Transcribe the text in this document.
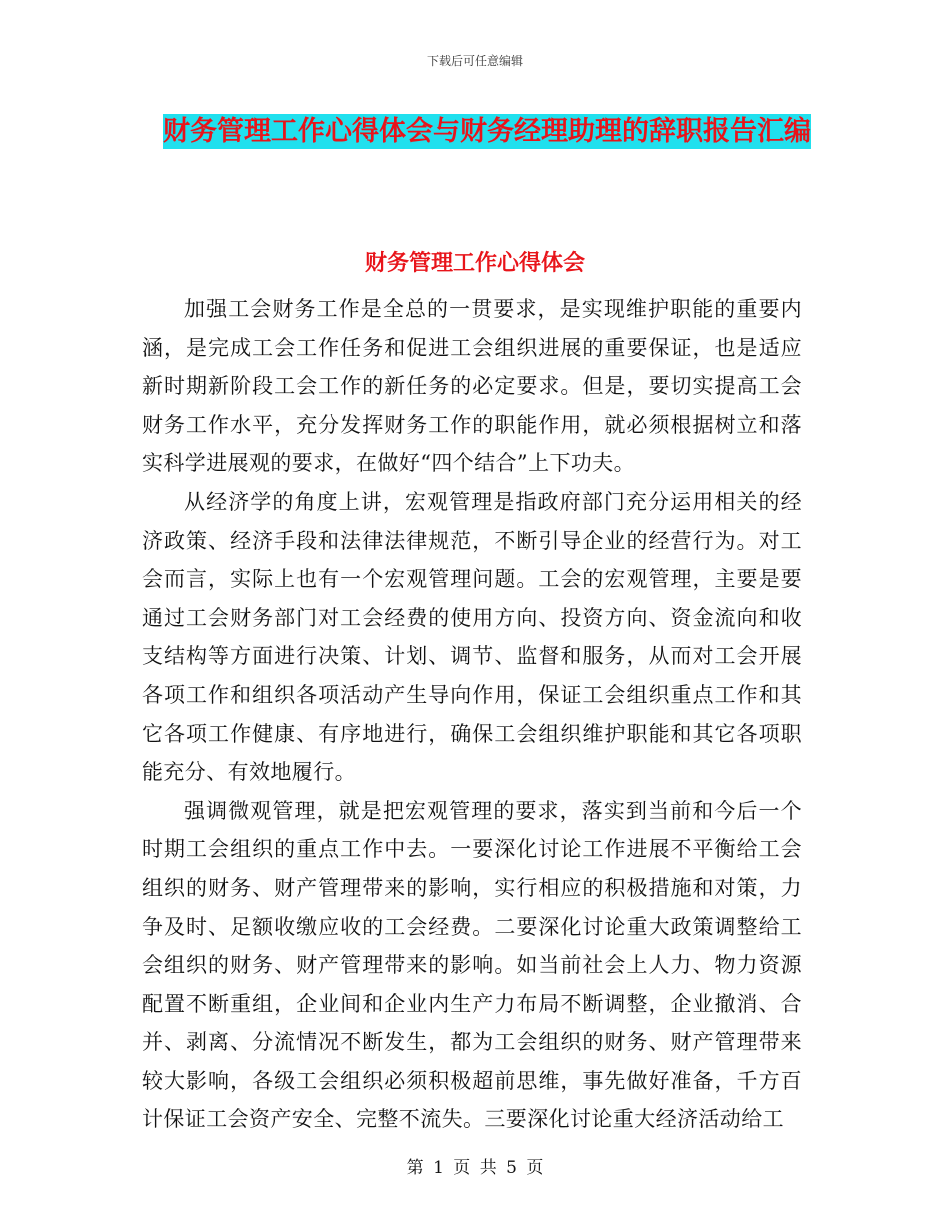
下载后可任意编辑
财务管理工作心得体会与财务经理助理的辞职报告汇编
财务管理工作心得体会

加强工会财务工作是全总的一贯要求，是实现维护职能的重要内涵，是完成工会工作任务和促进工会组织进展的重要保证，也是适应新时期新阶段工会工作的新任务的必定要求。但是，要切实提高工会财务工作水平，充分发挥财务工作的职能作用，就必须根据树立和落实科学进展观的要求，在做好“四个结合”上下功夫。

从经济学的角度上讲，宏观管理是指政府部门充分运用相关的经济政策、经济手段和法律法律规范，不断引导企业的经营行为。对工会而言，实际上也有一个宏观管理问题。工会的宏观管理，主要是要通过工会财务部门对工会经费的使用方向、投资方向、资金流向和收支结构等方面进行决策、计划、调节、监督和服务，从而对工会开展各项工作和组织各项活动产生导向作用，保证工会组织重点工作和其它各项工作健康、有序地进行，确保工会组织维护职能和其它各项职能充分、有效地履行。

强调微观管理，就是把宏观管理的要求，落实到当前和今后一个时期工会组织的重点工作中去。一要深化讨论工作进展不平衡给工会组织的财务、财产管理带来的影响，实行相应的积极措施和对策，力争及时、足额收缴应收的工会经费。二要深化讨论重大政策调整给工会组织的财务、财产管理带来的影响。如当前社会上人力、物力资源配置不断重组，企业间和企业内生产力布局不断调整，企业撤消、合并、剥离、分流情况不断发生，都为工会组织的财务、财产管理带来较大影响，各级工会组织必须积极超前思维，事先做好准备，千方百计保证工会资产安全、完整不流失。三要深化讨论重大经济活动给工

第 1 页 共 5 页
